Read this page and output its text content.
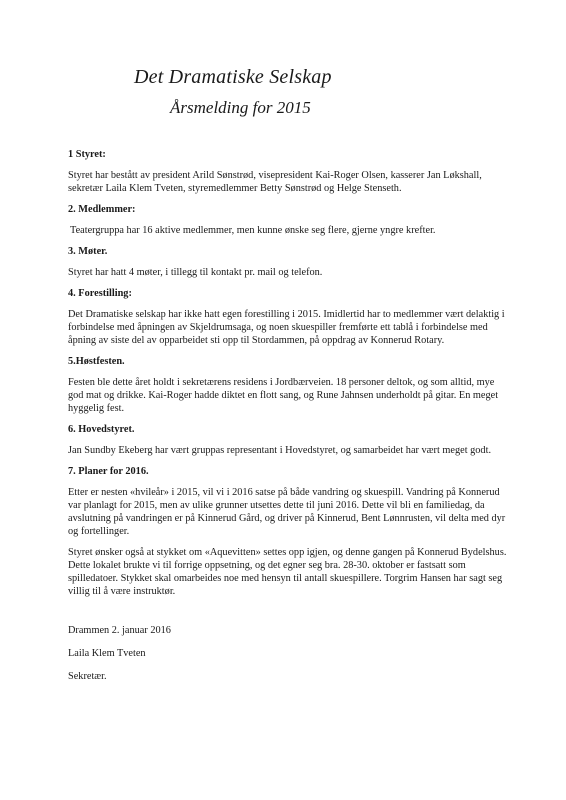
Det Dramatiske Selskap
Årsmelding for 2015
1 Styret:

Styret har bestått av president Arild Sønstrød, visepresident Kai-Roger Olsen, kasserer Jan Løkshall, sekretær Laila Klem Tveten, styremedlemmer Betty Sønstrød og Helge Stenseth.

2. Medlemmer:

Teatergruppa har 16 aktive medlemmer, men kunne ønske seg flere, gjerne yngre krefter.

3. Møter.

Styret har hatt 4 møter, i tillegg til kontakt pr. mail og telefon.

4. Forestilling:

Det Dramatiske selskap har ikke hatt egen forestilling i 2015. Imidlertid har to medlemmer vært delaktig i forbindelse med åpningen av Skjeldrumsaga, og noen skuespiller fremførte ett tablå i forbindelse med åpning av siste del av opparbeidet sti opp til Stordammen, på oppdrag av Konnerud Rotary.

5.Høstfesten.

Festen ble dette året holdt i sekretærens residens i Jordbærveien. 18 personer deltok, og som alltid, mye god mat og drikke. Kai-Roger hadde diktet en flott sang, og Rune Jahnsen underholdt på gitar. En meget hyggelig fest.

6. Hovedstyret.

Jan Sundby Ekeberg har vært gruppas representant i Hovedstyret, og samarbeidet har vært meget godt.

7. Planer for 2016.

Etter er nesten «hvileår» i 2015, vil vi i 2016 satse på både vandring og skuespill. Vandring på Konnerud var planlagt for 2015, men av ulike grunner utsettes dette til juni 2016. Dette vil bli en familiedag, da avslutning på vandringen er på Kinnerud Gård, og driver på Kinnerud, Bent Lønnrusten, vil delta med dyr og fortellinger.

Styret ønsker også at stykket om «Aquevitten» settes opp igjen, og denne gangen på Konnerud Bydelshus. Dette lokalet brukte vi til forrige oppsetning, og det egner seg bra. 28-30. oktober er fastsatt som spilledatoer. Stykket skal omarbeides noe med hensyn til antall skuespillere. Torgrim Hansen har sagt seg villig til å være instruktør.

Drammen 2. januar 2016

Laila Klem Tveten

Sekretær.
